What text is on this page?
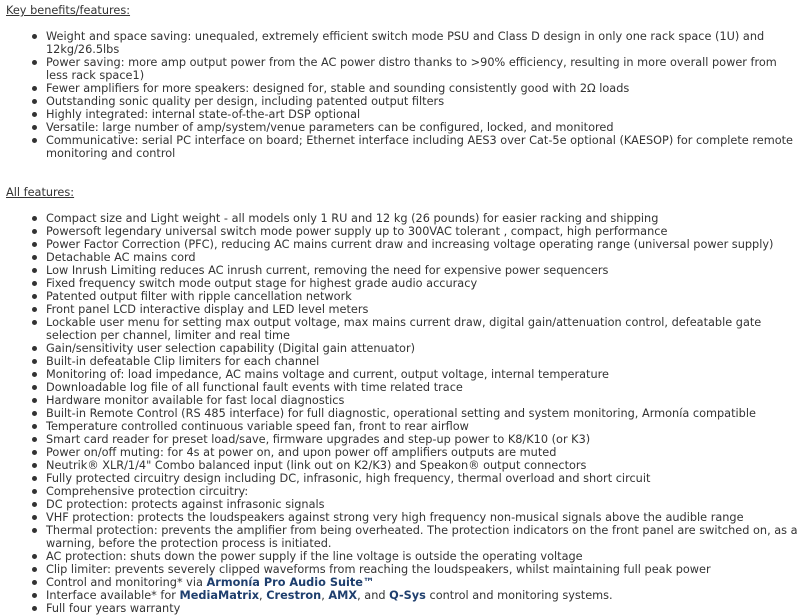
Key benefits/features:
Weight and space saving: unequaled, extremely efficient switch mode PSU and Class D design in only one rack space (1U) and 12kg/26.5lbs
Power saving: more amp output power from the AC power distro thanks to >90% efficiency, resulting in more overall power from less rack space1)
Fewer amplifiers for more speakers: designed for, stable and sounding consistently good with 2Ω loads
Outstanding sonic quality per design, including patented output filters
Highly integrated: internal state-of-the-art DSP optional
Versatile: large number of amp/system/venue parameters can be configured, locked, and monitored
Communicative: serial PC interface on board; Ethernet interface including AES3 over Cat-5e optional (KAESOP) for complete remote monitoring and control
All features:
Compact size and Light weight - all models only 1 RU and 12 kg (26 pounds) for easier racking and shipping
Powersoft legendary universal switch mode power supply up to 300VAC tolerant , compact, high performance
Power Factor Correction (PFC), reducing AC mains current draw and increasing voltage operating range (universal power supply)
Detachable AC mains cord
Low Inrush Limiting reduces AC inrush current, removing the need for expensive power sequencers
Fixed frequency switch mode output stage for highest grade audio accuracy
Patented output filter with ripple cancellation network
Front panel LCD interactive display and LED level meters
Lockable user menu for setting max output voltage, max mains current draw, digital gain/attenuation control, defeatable gate selection per channel, limiter and real time
Gain/sensitivity user selection capability (Digital gain attenuator)
Built-in defeatable Clip limiters for each channel
Monitoring of: load impedance, AC mains voltage and current, output voltage, internal temperature
Downloadable log file of all functional fault events with time related trace
Hardware monitor available for fast local diagnostics
Built-in Remote Control (RS 485 interface) for full diagnostic, operational setting and system monitoring, Armonía compatible
Temperature controlled continuous variable speed fan, front to rear airflow
Smart card reader for preset load/save, firmware upgrades and step-up power to K8/K10 (or K3)
Power on/off muting: for 4s at power on, and upon power off amplifiers outputs are muted
Neutrik® XLR/1/4" Combo balanced input (link out on K2/K3) and Speakon® output connectors
Fully protected circuitry design including DC, infrasonic, high frequency, thermal overload and short circuit
Comprehensive protection circuitry:
DC protection: protects against infrasonic signals
VHF protection: protects the loudspeakers against strong very high frequency non-musical signals above the audible range
Thermal protection: prevents the amplifier from being overheated. The protection indicators on the front panel are switched on, as a warning, before the protection process is initiated.
AC protection: shuts down the power supply if the line voltage is outside the operating voltage
Clip limiter: prevents severely clipped waveforms from reaching the loudspeakers, whilst maintaining full peak power
Control and monitoring* via Armonía Pro Audio Suite™
Interface available* for MediaMatrix, Crestron, AMX, and Q-Sys control and monitoring systems.
Full four years warranty
